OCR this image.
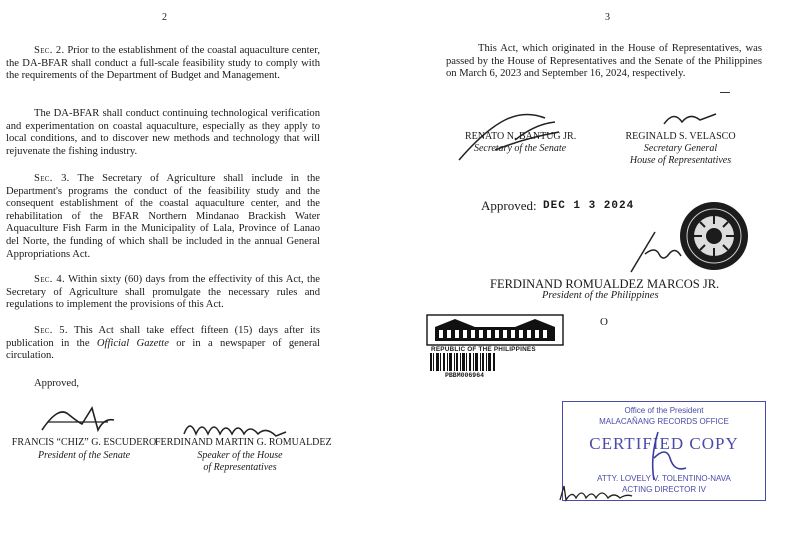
2

Sec. 2. Prior to the establishment of the coastal aquaculture center, the DA-BFAR shall conduct a full-scale feasibility study to comply with the requirements of the Department of Budget and Management.

The DA-BFAR shall conduct continuing technological verification and experimentation on coastal aquaculture, especially as they apply to local conditions, and to discover new methods and technology that will rejuvenate the fishing industry.

Sec. 3. The Secretary of Agriculture shall include in the Department's programs the conduct of the feasibility study and the consequent establishment of the coastal aquaculture center, and the rehabilitation of the BFAR Northern Mindanao Brackish Water Aquaculture Fish Farm in the Municipality of Lala, Province of Lanao del Norte, the funding of which shall be included in the annual General Appropriations Act.

Sec. 4. Within sixty (60) days from the effectivity of this Act, the Secretary of Agriculture shall promulgate the necessary rules and regulations to implement the provisions of this Act.

Sec. 5. This Act shall take effect fifteen (15) days after its publication in the Official Gazette or in a newspaper of general circulation.

Approved,
FRANCIS “CHIZ” G. ESCUDERO
President of the Senate
FERDINAND MARTIN G. ROMUALDEZ
Speaker of the House
of Representatives
3

This Act, which originated in the House of Representatives, was passed by the House of Representatives and the Senate of the Philippines on March 6, 2023 and September 16, 2024, respectively.

RENATO N. BANTUG JR.
Secretary of the Senate
REGINALD S. VELASCO
Secretary General
House of Representatives
Approved: DEC 1 3 2024
FERDINAND ROMUALDEZ MARCOS JR.
President of the Philippines
O
REPUBLIC OF THE PHILIPPINES
PBBM006964
Office of the President
MALACAÑANG RECORDS OFFICE
CERTIFIED COPY
ATTY. LOVELY V. TOLENTINO-NAVA
ACTING DIRECTOR IV
